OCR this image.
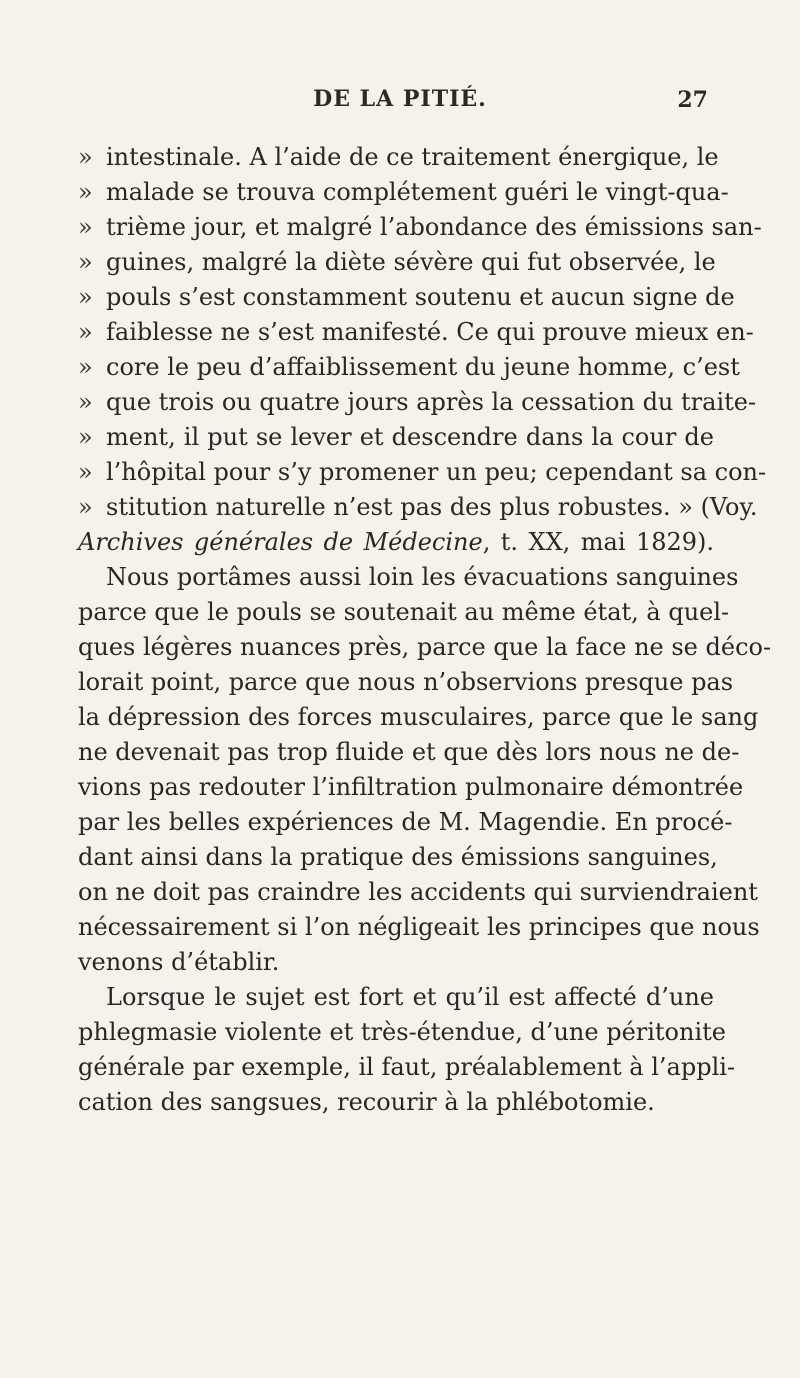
DE LA PITIÉ.	27
» intestinale. A l’aide de ce traitement énergique, le
» malade se trouva complétement guéri le vingt-qua-
» trième jour, et malgré l’abondance des émissions san-
» guines, malgré la diète sévère qui fut observée, le
» pouls s’est constamment soutenu et aucun signe de
» faiblesse ne s’est manifesté. Ce qui prouve mieux en-
» core le peu d’affaiblissement du jeune homme, c’est
» que trois ou quatre jours après la cessation du traite-
» ment, il put se lever et descendre dans la cour de
» l’hôpital pour s’y promener un peu; cependant sa con-
» stitution naturelle n’est pas des plus robustes. » (Voy.
Archives générales de Médecine, t. XX, mai 1829).
Nous portâmes aussi loin les évacuations sanguines
parce que le pouls se soutenait au même état, à quel-
ques légères nuances près, parce que la face ne se déco-
lorait point, parce que nous n’observions presque pas
la dépression des forces musculaires, parce que le sang
ne devenait pas trop fluide et que dès lors nous ne de-
vions pas redouter l’infiltration pulmonaire démontrée
par les belles expériences de M. Magendie. En procé-
dant ainsi dans la pratique des émissions sanguines,
on ne doit pas craindre les accidents qui surviendraient
nécessairement si l’on négligeait les principes que nous
venons d’établir.
Lorsque le sujet est fort et qu’il est affecté d’une
phlegmasie violente et très-étendue, d’une péritonite
générale par exemple, il faut, préalablement à l’appli-
cation des sangsues, recourir à la phlébotomie.
